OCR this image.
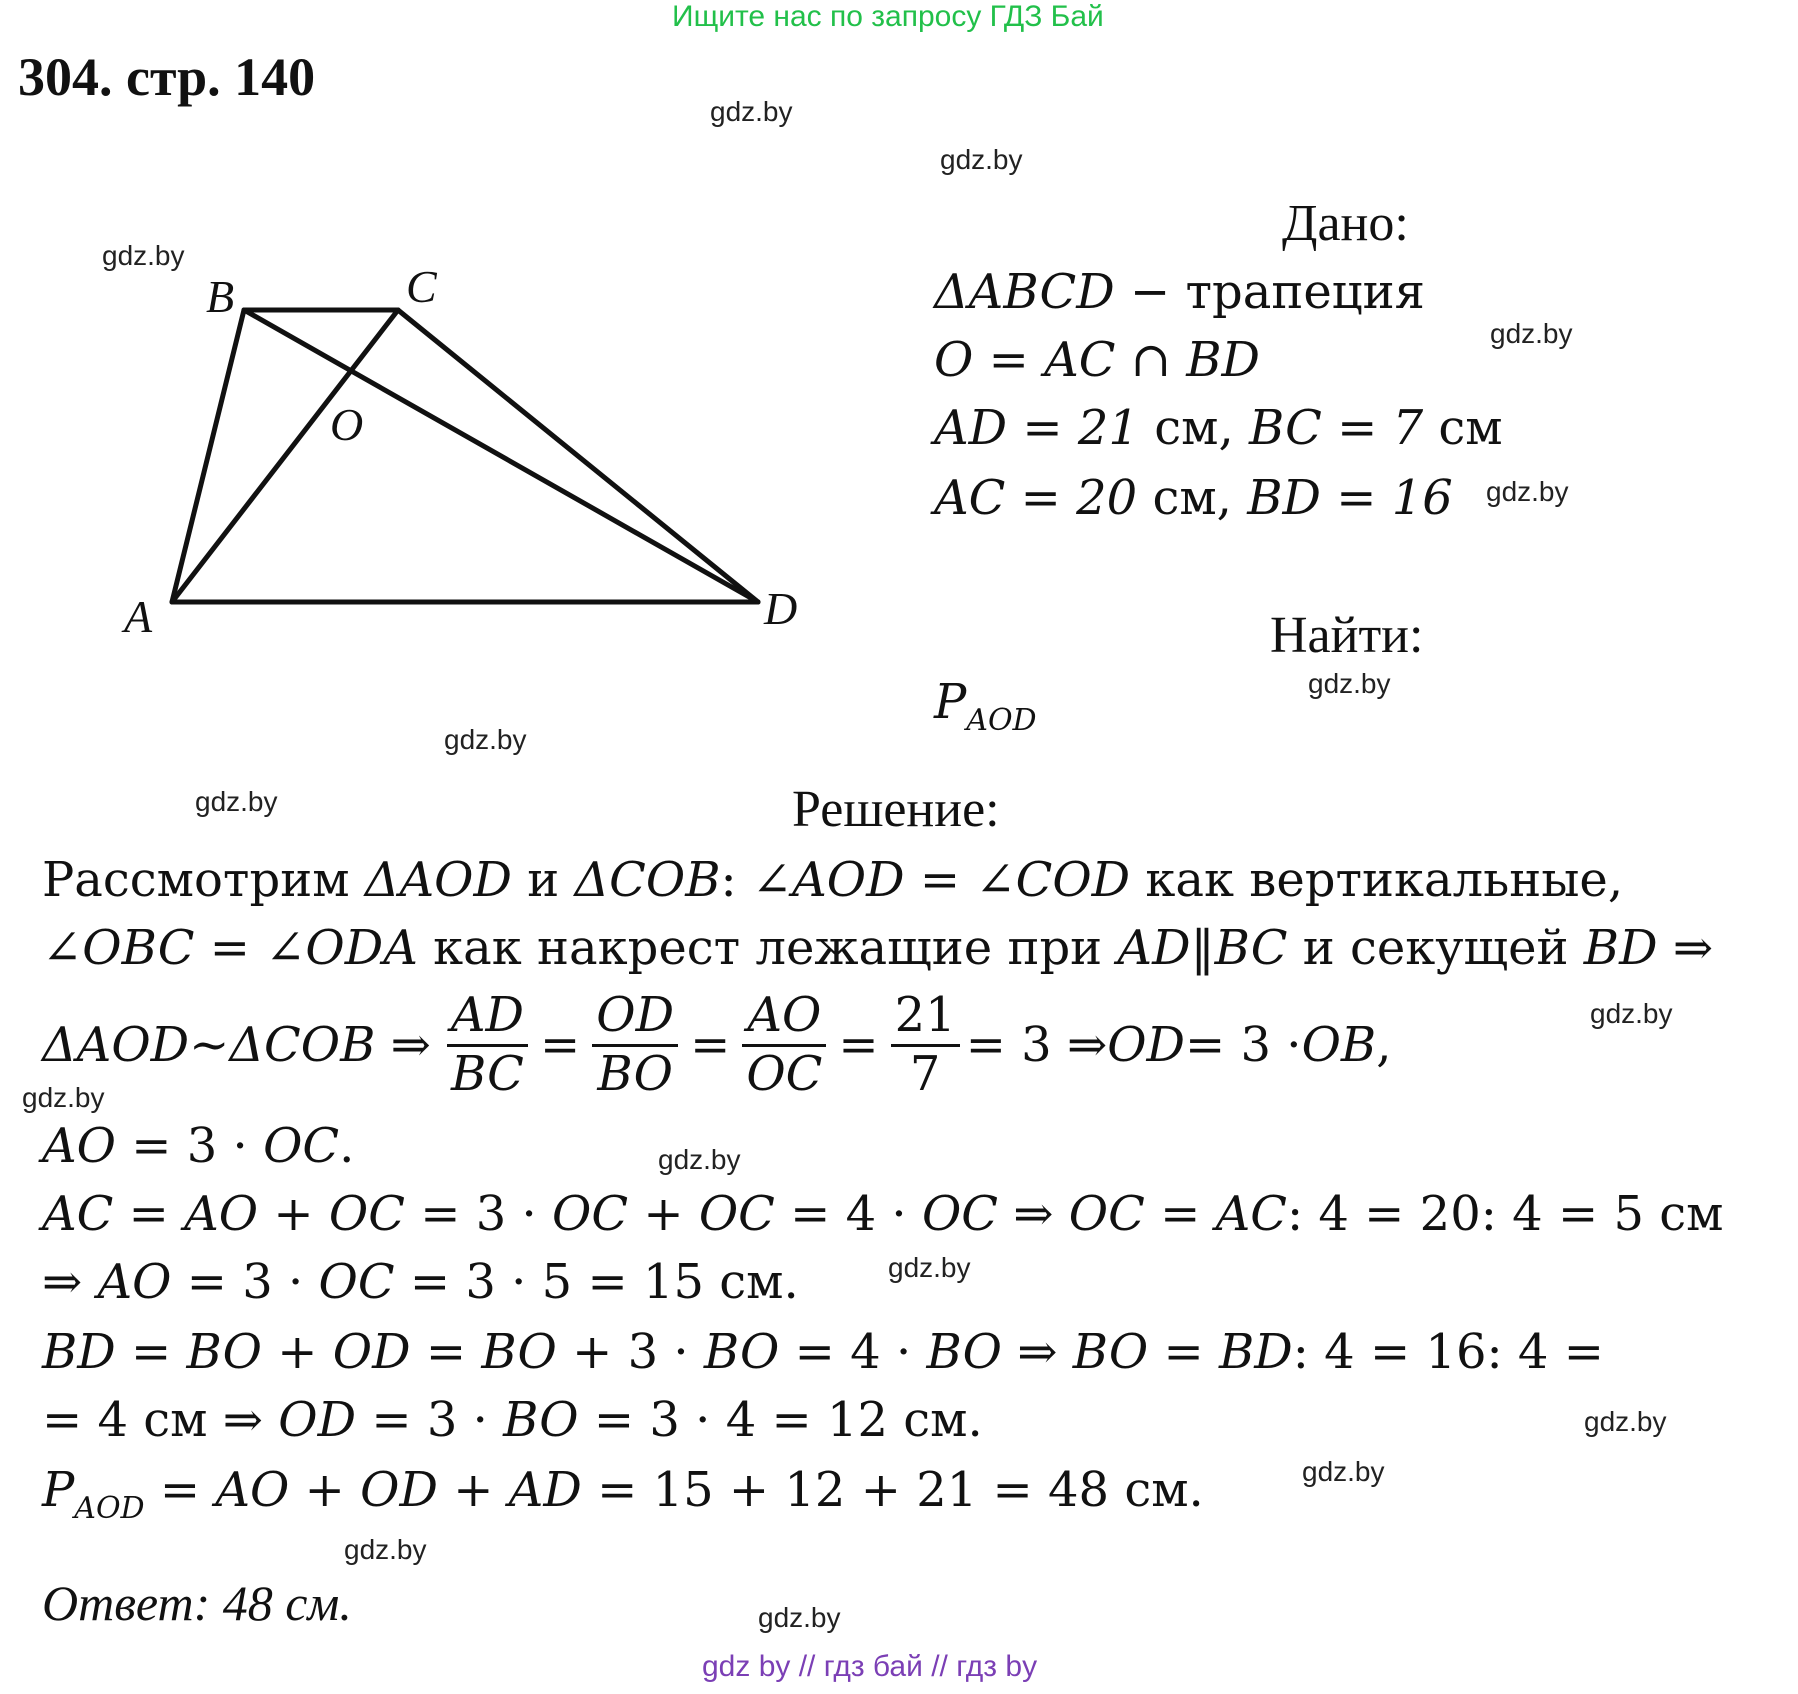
Ищите нас по запросу ГДЗ Бай
304. стр. 140
gdz.by
gdz.by
gdz.by
gdz.by
gdz.by
gdz.by
gdz.by
gdz.by
gdz.by
gdz.by
gdz.by
gdz.by
gdz.by
gdz.by
gdz.by
gdz.by
B	C
O
A	D
Дано:
ΔABCD − трапеция
O = AC ∩ BD
AD = 21 см, BC = 7 см
AC = 20 см, BD = 16
Найти:
$P_{AOD}$
Решение:
Рассмотрим ΔAOD и ΔCOB: ∠AOD = ∠COD как вертикальные,
∠OBC = ∠ODA как накрест лежащие при AD‖BC и секущей BD ⇒
ΔAOD~ΔCOB ⇒ $\frac{AD}{BC} = \frac{OD}{BO} = \frac{AO}{OC} = \frac{21}{7} = 3$ ⇒ OD = 3 · OB ,
AO = 3 · OC.
AC = AO + OC = 3 · OC + OC = 4 · OC ⇒ OC = AC: 4 = 20: 4 = 5 см
⇒ AO = 3 · OC = 3 · 5 = 15 см.
BD = BO + OD = BO + 3 · BO = 4 · BO ⇒ BO = BD: 4 = 16: 4 =
= 4 см ⇒ OD = 3 · BO = 3 · 4 = 12 см.
$P_{AOD}$ = AO + OD + AD = 15 + 12 + 21 = 48 см.
Ответ: 48 см.
gdz by // гдз бай // гдз by
